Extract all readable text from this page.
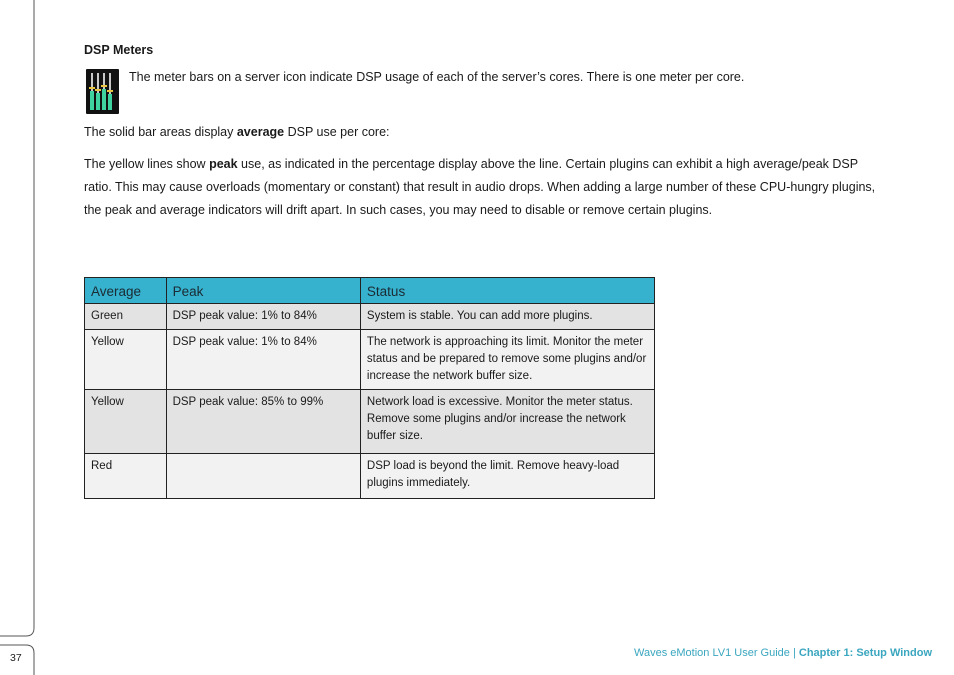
37
DSP Meters
The meter bars on a server icon indicate DSP usage of each of the server’s cores. There is one meter per core.
The solid bar areas display average DSP use per core:
The yellow lines show peak use, as indicated in the percentage display above the line. Certain plugins can exhibit a high average/peak DSP ratio. This may cause overloads (momentary or constant) that result in audio drops. When adding a large number of these CPU-hungry plugins, the peak and average indicators will drift apart. In such cases, you may need to disable or remove certain plugins.
Average	Peak	Status
Green	DSP peak value: 1% to 84%	System is stable. You can add more plugins.
Yellow	DSP peak value: 1% to 84%	The network is approaching its limit. Monitor the meter status and be prepared to remove some plugins and/or increase the network buffer size.
Yellow	DSP peak value: 85% to 99%	Network load is excessive. Monitor the meter status. Remove some plugins and/or increase the network buffer size.
Red		DSP load is beyond the limit. Remove heavy-load plugins immediately.
Waves eMotion LV1 User Guide | Chapter 1: Setup Window
